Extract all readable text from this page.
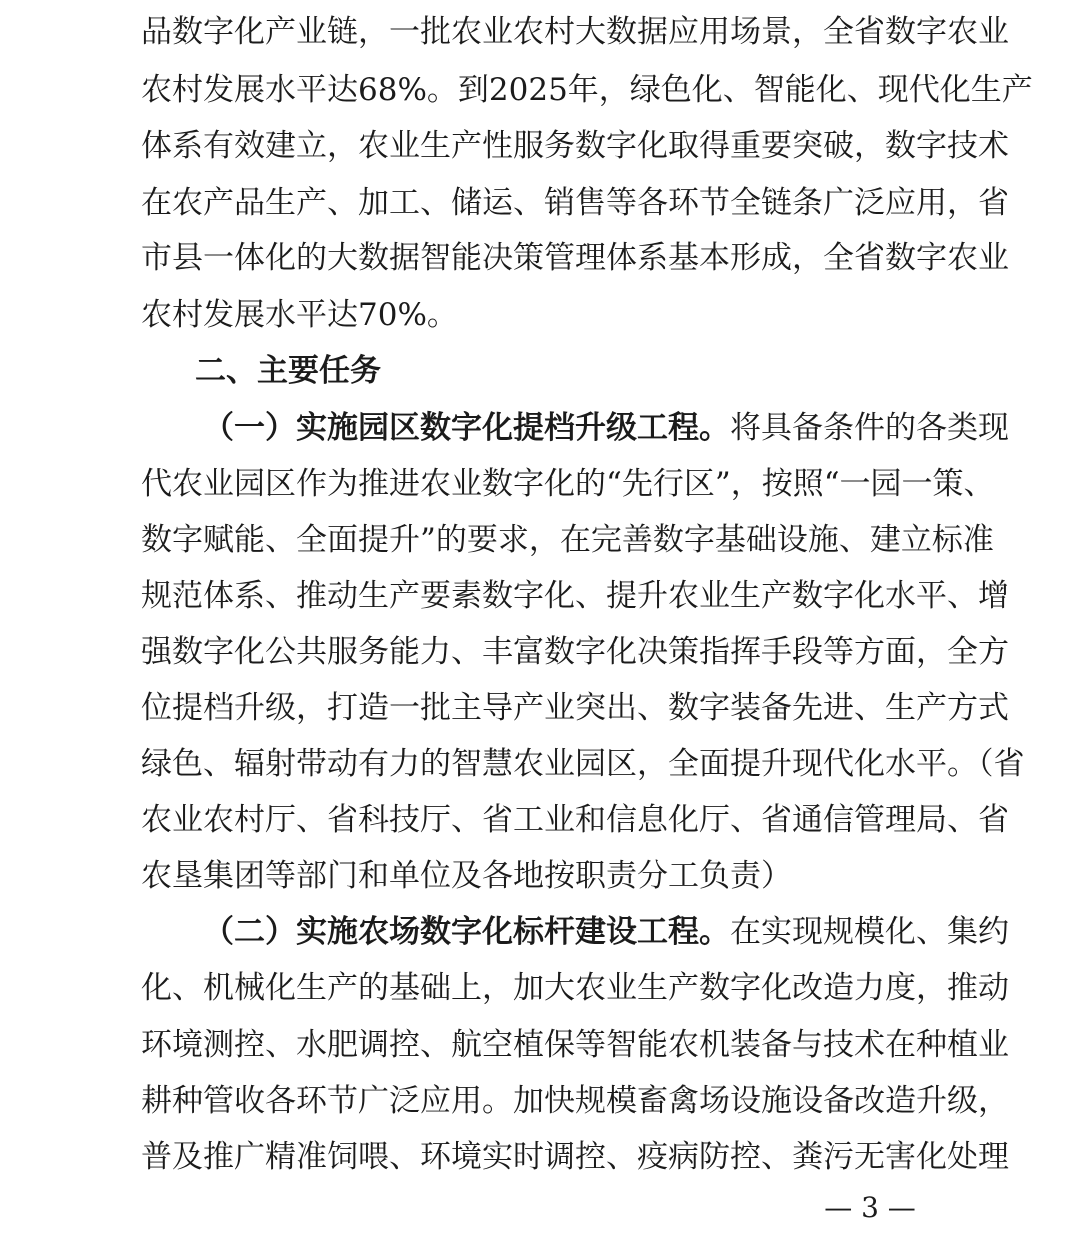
品数字化产业链，一批农业农村大数据应用场景，全省数字农业
农村发展水平达68%。到2025年，绿色化、智能化、现代化生产
体系有效建立，农业生产性服务数字化取得重要突破，数字技术
在农产品生产、加工、储运、销售等各环节全链条广泛应用，省
市县一体化的大数据智能决策管理体系基本形成，全省数字农业
农村发展水平达70%。
二、主要任务
（一）实施园区数字化提档升级工程。将具备条件的各类现
代农业园区作为推进农业数字化的“先行区”，按照“一园一策、
数字赋能、全面提升”的要求，在完善数字基础设施、建立标准
规范体系、推动生产要素数字化、提升农业生产数字化水平、增
强数字化公共服务能力、丰富数字化决策指挥手段等方面，全方
位提档升级，打造一批主导产业突出、数字装备先进、生产方式
绿色、辐射带动有力的智慧农业园区，全面提升现代化水平。（省
农业农村厅、省科技厅、省工业和信息化厅、省通信管理局、省
农垦集团等部门和单位及各地按职责分工负责）
（二）实施农场数字化标杆建设工程。在实现规模化、集约
化、机械化生产的基础上，加大农业生产数字化改造力度，推动
环境测控、水肥调控、航空植保等智能农机装备与技术在种植业
耕种管收各环节广泛应用。加快规模畜禽场设施设备改造升级，
普及推广精准饲喂、环境实时调控、疫病防控、粪污无害化处理
— 3 —
